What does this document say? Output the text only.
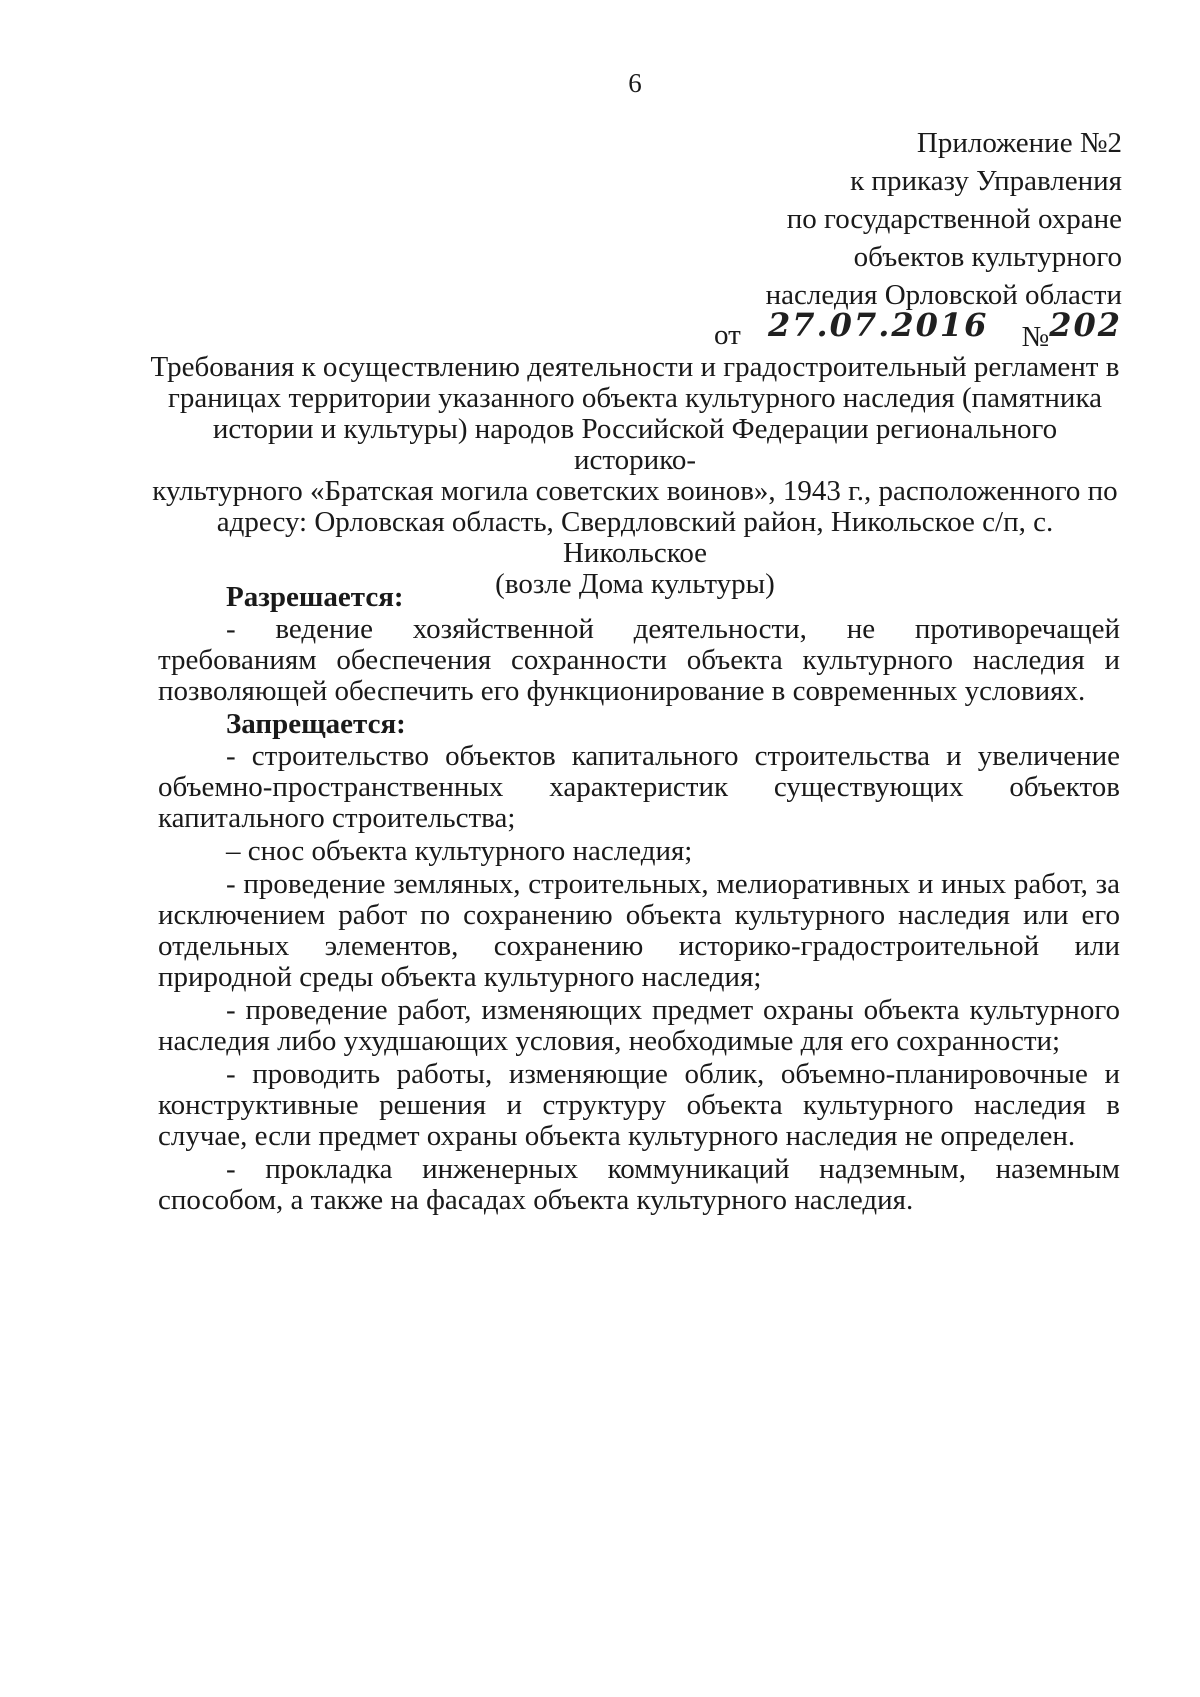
6
Приложение №2
к приказу Управления
по государственной охране
объектов культурного
наследия Орловской области
от 27.07.2016 №202
Требования к осуществлению деятельности и градостроительный регламент в
границах территории указанного объекта культурного наследия (памятника
истории и культуры) народов Российской Федерации регионального историко-
культурного «Братская могила советских воинов», 1943 г., расположенного по
адресу: Орловская область, Свердловский район, Никольское с/п, с. Никольское
(возле Дома культуры)
Разрешается:

- ведение хозяйственной деятельности, не противоречащей требованиям обеспечения сохранности объекта культурного наследия и позволяющей обеспечить его функционирование в современных условиях.

Запрещается:

- строительство объектов капитального строительства и увеличение объемно-пространственных характеристик существующих объектов капитального строительства;

– снос объекта культурного наследия;

- проведение земляных, строительных, мелиоративных и иных работ, за исключением работ по сохранению объекта культурного наследия или его отдельных элементов, сохранению историко-градостроительной или природной среды объекта культурного наследия;

- проведение работ, изменяющих предмет охраны объекта культурного наследия либо ухудшающих условия, необходимые для его сохранности;

- проводить работы, изменяющие облик, объемно-планировочные и конструктивные решения и структуру объекта культурного наследия в случае, если предмет охраны объекта культурного наследия не определен.

- прокладка инженерных коммуникаций надземным, наземным способом, а также на фасадах объекта культурного наследия.
